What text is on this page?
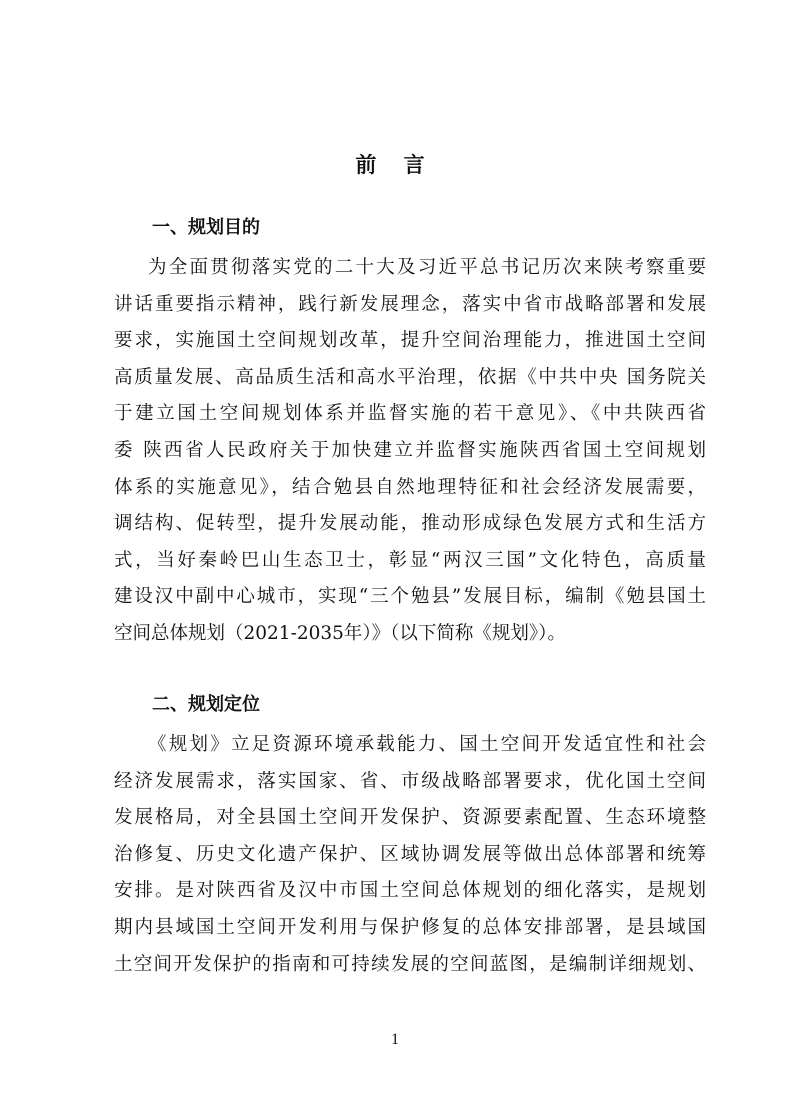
前 言
一、规划目的
为全面贯彻落实党的二十大及习近平总书记历次来陕考察重要
讲话重要指示精神，践行新发展理念，落实中省市战略部署和发展
要求，实施国土空间规划改革，提升空间治理能力，推进国土空间
高质量发展、高品质生活和高水平治理，依据《中共中央 国务院关
于建立国土空间规划体系并监督实施的若干意见》、《中共陕西省
委 陕西省人民政府关于加快建立并监督实施陕西省国土空间规划
体系的实施意见》，结合勉县自然地理特征和社会经济发展需要，
调结构、促转型，提升发展动能，推动形成绿色发展方式和生活方
式，当好秦岭巴山生态卫士，彰显“两汉三国”文化特色，高质量
建设汉中副中心城市，实现“三个勉县”发展目标，编制《勉县国土
空间总体规划（2021-2035年）》（以下简称《规划》）。
二、规划定位
《规划》立足资源环境承载能力、国土空间开发适宜性和社会
经济发展需求，落实国家、省、市级战略部署要求，优化国土空间
发展格局，对全县国土空间开发保护、资源要素配置、生态环境整
治修复、历史文化遗产保护、区域协调发展等做出总体部署和统筹
安排。是对陕西省及汉中市国土空间总体规划的细化落实，是规划
期内县域国土空间开发利用与保护修复的总体安排部署，是县域国
土空间开发保护的指南和可持续发展的空间蓝图，是编制详细规划、
1
